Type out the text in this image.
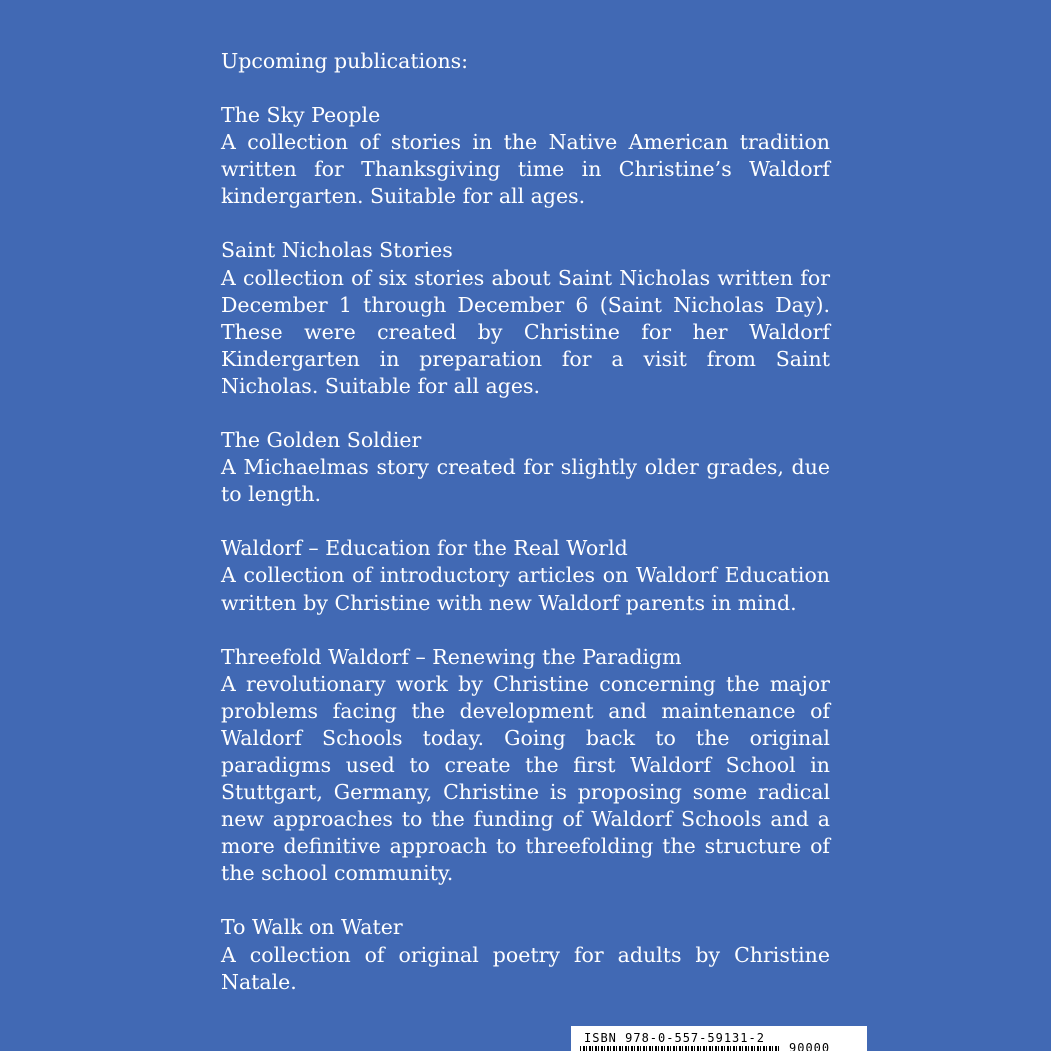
Upcoming publications:
The Sky People
A collection of stories in the Native American tradition written for Thanksgiving time in Christine’s Waldorf kindergarten. Suitable for all ages.
Saint Nicholas Stories
A collection of six stories about Saint Nicholas written for December 1 through December 6 (Saint Nicholas Day). These were created by Christine for her Waldorf Kindergarten in preparation for a visit from Saint Nicholas. Suitable for all ages.
The Golden Soldier
A Michaelmas story created for slightly older grades, due to length.
Waldorf – Education for the Real World
A collection of introductory articles on Waldorf Education written by Christine with new Waldorf parents in mind.
Threefold Waldorf – Renewing the Paradigm
A revolutionary work by Christine concerning the major problems facing the development and maintenance of Waldorf Schools today. Going back to the original paradigms used to create the first Waldorf School in Stuttgart, Germany, Christine is proposing some radical new approaches to the funding of Waldorf Schools and a more definitive approach to threefolding the structure of the school community.
To Walk on Water
A collection of original poetry for adults by Christine Natale.
ISBN 978-0-557-59131-2
90000
